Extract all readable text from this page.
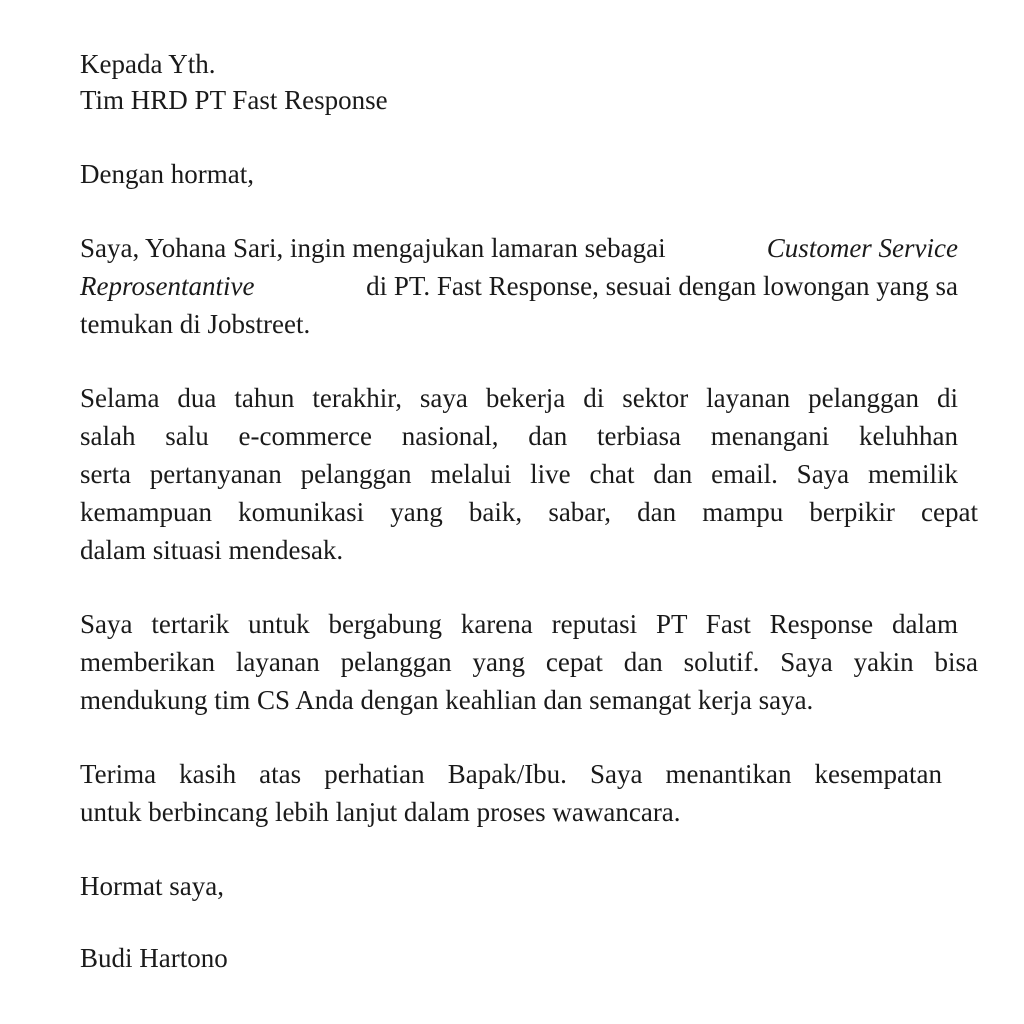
Kepada Yth.
Tim HRD PT Fast Response
Dengan hormat,
Saya, Yohana Sari, ingin mengajukan lamaran sebagai	Customer Service
Reprosentantive	di PT. Fast Response, sesuai dengan lowongan yang sa
temukan di Jobstreet.
Selama dua tahun terakhir, saya bekerja di sektor layanan pelanggan di
salah salu e-commerce nasional, dan terbiasa menangani keluhhan
serta pertanyanan pelanggan melalui live chat dan email. Saya memilik
kemampuan komunikasi yang baik, sabar, dan mampu berpikir cepat
dalam situasi mendesak.
Saya tertarik untuk bergabung karena reputasi PT Fast Response dalam
memberikan layanan pelanggan yang cepat dan solutif. Saya yakin bisa
mendukung tim CS Anda dengan keahlian dan semangat kerja saya.
Terima kasih atas perhatian Bapak/Ibu. Saya menantikan kesempatan
untuk berbincang lebih lanjut dalam proses wawancara.
Hormat saya,
Budi Hartono
